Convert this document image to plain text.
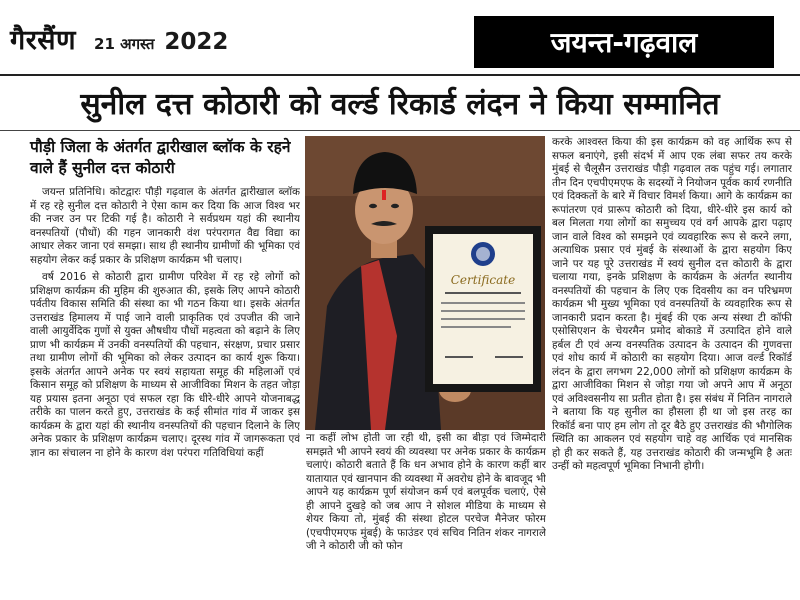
गैरसैंण 21 अगस्त 2022	जयन्त-गढ़वाल
सुनील दत्त कोठारी को वर्ल्ड रिकार्ड लंदन ने किया सम्मानित
पौड़ी जिला के अंतर्गत द्वारीखाल ब्लॉक के रहने वाले हैं सुनील दत्त कोठारी

जयन्त प्रतिनिधि। कोटद्वारः पौड़ी गढ़वाल के अंतर्गत द्वारीखाल ब्लॉक में रह रहे सुनील दत्त कोठारी ने ऐसा काम कर दिया कि आज विश्व भर की नजर उन पर टिकी गई है। कोठारी ने सर्वप्रथम यहां की स्थानीय वनस्पतियों (पौधों) की गहन जानकारी वंश परंपरागत वैद्य विद्या का आधार लेकर जाना एवं समझा। साथ ही स्थानीय ग्रामीणों की भूमिका एवं सहयोग लेकर कई प्रकार के प्रशिक्षण कार्यक्रम भी चलाए।

वर्ष 2016 से कोठारी द्वारा ग्रामीण परिवेश में रह रहे लोगों को प्रशिक्षण कार्यक्रम की मुहिम की शुरुआत की, इसके लिए आपने कोठारी पर्वतीय विकास समिति की संस्था का भी गठन किया था। इसके अंतर्गत उत्तराखंड हिमालय में पाई जाने वाली प्राकृतिक एवं उपजीत की जाने वाली आयुर्वेदिक गुणों से युक्त औषधीय पौधों महत्वता को बढ़ाने के लिए प्राण भी कार्यक्रम में उनकी वनस्पतियों की पहचान, संरक्षण, प्रचार प्रसार तथा ग्रामीण लोगों की भूमिका को लेकर उत्पादन का कार्य शुरू किया। इसके अंतर्गत आपने अनेक पर स्वयं सहायता समूह की महिलाओं एवं किसान समूह को प्रशिक्षण के माध्यम से आजीविका मिशन के तहत जोड़ा यह प्रयास इतना अनूठा एवं सफल रहा कि धीरे-धीरे आपने योजनाबद्ध तरीके का पालन करते हुए, उत्तराखंड के कई सीमांत गांव में जाकर इस कार्यक्रम के द्वारा यहां की स्थानीय वनस्पतियों की पहचान दिलाने के लिए अनेक प्रकार के प्रशिक्षण कार्यक्रम चलाए। दूरस्थ गांव में जागरूकता एवं ज्ञान का संचालन ना होने के कारण वंश परंपरा गतिविधियां कहीं

Certificate

ना कहीं लोभ होती जा रही थी, इसी का बीड़ा एवं जिम्मेदारी समझते भी आपने स्वयं की व्यवस्था पर अनेक प्रकार के कार्यक्रम चलाएं। कोठारी बताते हैं कि धन अभाव होने के कारण कहीं बार यातायात एवं खानपान की व्यवस्था में अवरोध होने के बावजूद भी आपने यह कार्यक्रम पूर्ण संयोजन कर्म एवं बलपूर्वक चलाएं, ऐसे ही आपने दुखड़े को जब आप ने सोशल मीडिया के माध्यम से शेयर किया तो, मुंबई की संस्था होटल परचेज मैनेजर फोरम (एचपीएमएफ मुंबई) के फाउंडर एवं सचिव नितिन शंकर नागराले जी ने कोठारी जी को फोन

करके आश्वस्त किया की इस कार्यक्रम को वह आर्थिक रूप से सफल बनाएंगे, इसी संदर्भ में आप एक लंबा सफर तय करके मुंबई से चैलूसैन उत्तराखंड पौड़ी गढ़वाल तक पहुंच गई। लगातार तीन दिन एचपीएमएफ के सदस्यों ने नियोजन पूर्वक कार्य रणनीति एवं दिक्कतों के बारे में विचार विमर्श किया। आगे के कार्यक्रम का रूपांतरण एवं प्रारूप कोठारी को दिया, धीरे-धीरे इस कार्य को बल मिलता गया लोगों का समुच्चय एवं वर्ग आपके द्वारा पढ़ाए जान वाले विश्व को समझने एवं व्यवहारिक रूप से करने लगा, अत्याधिक प्रसार एवं मुंबई के संस्थाओं के द्वारा सहयोग किए जाने पर यह पूरे उत्तराखंड में स्वयं सुनील दत्त कोठारी के द्वारा चलाया गया, इनके प्रशिक्षण के कार्यक्रम के अंतर्गत स्थानीय वनस्पतियों की पहचान के लिए एक दिवसीय का वन परिभ्रमण कार्यक्रम भी मुख्य भूमिका एवं वनस्पतियों के व्यवहारिक रूप से जानकारी प्रदान करता है। मुंबई की एक अन्य संस्था टी कॉफी एसोसिएशन के चेयरमैन प्रमोद बोकाडे में उत्पादित होने वाले हर्बल टी एवं अन्य वनस्पतिक उत्पादन के उत्पादन की गुणवत्ता एवं शोध कार्य में कोठारी का सहयोग दिया। आज वर्ल्ड रिकॉर्ड लंदन के द्वारा लगभग 22,000 लोगों को प्रशिक्षण कार्यक्रम के द्वारा आजीविका मिशन से जोड़ा गया जो अपने आप में अनूठा एवं अविश्वसनीय सा प्रतीत होता है। इस संबंध में नितिन नागराले ने बताया कि यह सुनील का हौसला ही था जो इस तरह का रिकॉर्ड बना पाए हम लोग तो दूर बैठे हुए उत्तराखंड की भौगोलिक स्थिति का आकलन एवं सहयोग चाहे वह आर्थिक एवं मानसिक हो ही कर सकते हैं, यह उत्तराखंड कोठारी की जन्मभूमि है अतः उन्हीं को महत्वपूर्ण भूमिका निभानी होगी।
